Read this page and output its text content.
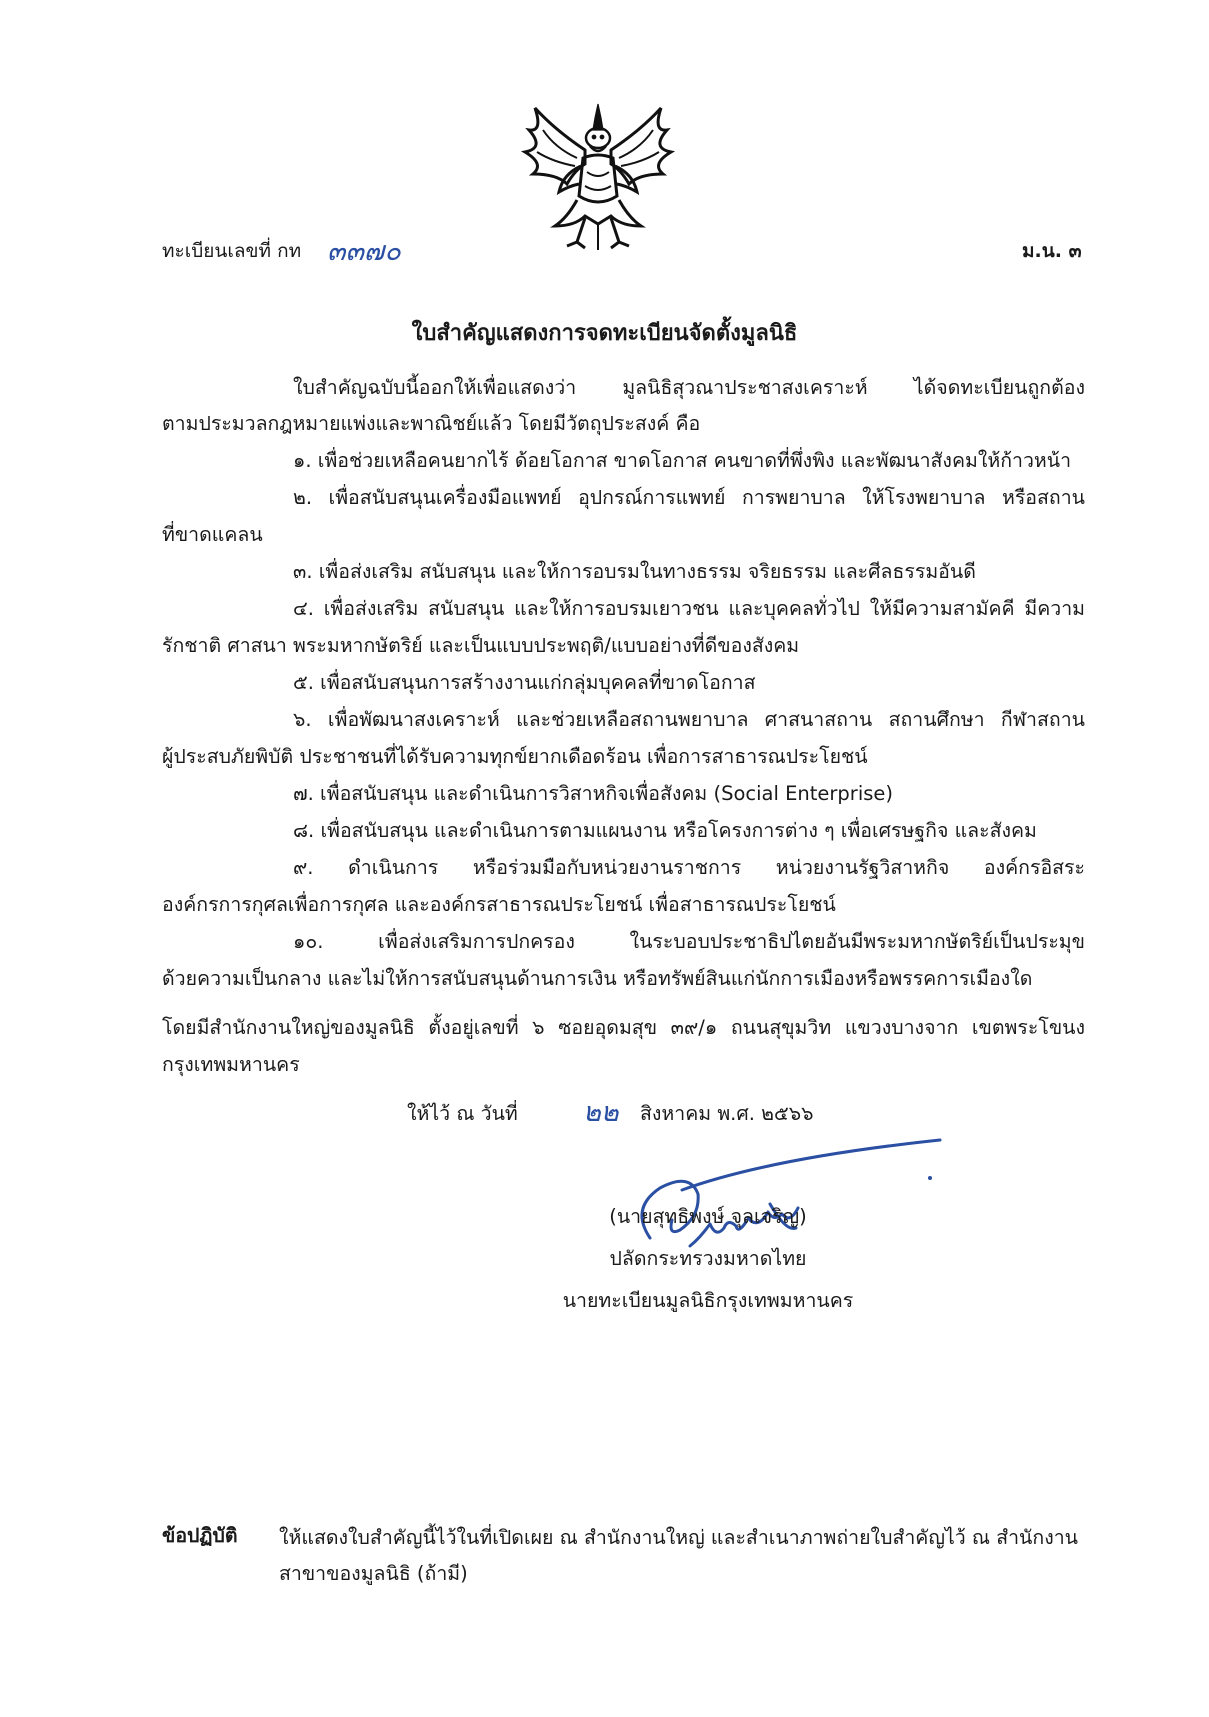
ทะเบียนเลขที่ กท ๓๓๗๐	ม.น. ๓
ใบสำคัญแสดงการจดทะเบียนจัดตั้งมูลนิธิ
ใบสำคัญฉบับนี้ออกให้เพื่อแสดงว่า มูลนิธิสุวณาประชาสงเคราะห์ ได้จดทะเบียนถูกต้อง
ตามประมวลกฎหมายแพ่งและพาณิชย์แล้ว โดยมีวัตถุประสงค์ คือ
๑. เพื่อช่วยเหลือคนยากไร้ ด้อยโอกาส ขาดโอกาส คนขาดที่พึ่งพิง และพัฒนาสังคมให้ก้าวหน้า
๒. เพื่อสนับสนุนเครื่องมือแพทย์ อุปกรณ์การแพทย์ การพยาบาล ให้โรงพยาบาล หรือสถาน
ที่ขาดแคลน
๓. เพื่อส่งเสริม สนับสนุน และให้การอบรมในทางธรรม จริยธรรม และศีลธรรมอันดี
๔. เพื่อส่งเสริม สนับสนุน และให้การอบรมเยาวชน และบุคคลทั่วไป ให้มีความสามัคคี มีความ
รักชาติ ศาสนา พระมหากษัตริย์ และเป็นแบบประพฤติ/แบบอย่างที่ดีของสังคม
๕. เพื่อสนับสนุนการสร้างงานแก่กลุ่มบุคคลที่ขาดโอกาส
๖. เพื่อพัฒนาสงเคราะห์ และช่วยเหลือสถานพยาบาล ศาสนาสถาน สถานศึกษา กีฬาสถาน
ผู้ประสบภัยพิบัติ ประชาชนที่ได้รับความทุกข์ยากเดือดร้อน เพื่อการสาธารณประโยชน์
๗. เพื่อสนับสนุน และดำเนินการวิสาหกิจเพื่อสังคม (Social Enterprise)
๘. เพื่อสนับสนุน และดำเนินการตามแผนงาน หรือโครงการต่าง ๆ เพื่อเศรษฐกิจ และสังคม
๙. ดำเนินการ หรือร่วมมือกับหน่วยงานราชการ หน่วยงานรัฐวิสาหกิจ องค์กรอิสระ
องค์กรการกุศลเพื่อการกุศล และองค์กรสาธารณประโยชน์ เพื่อสาธารณประโยชน์
๑๐. เพื่อส่งเสริมการปกครอง ในระบอบประชาธิปไตยอันมีพระมหากษัตริย์เป็นประมุข
ด้วยความเป็นกลาง และไม่ให้การสนับสนุนด้านการเงิน หรือทรัพย์สินแก่นักการเมืองหรือพรรคการเมืองใด
โดยมีสำนักงานใหญ่ของมูลนิธิ ตั้งอยู่เลขที่ ๖ ซอยอุดมสุข ๓๙/๑ ถนนสุขุมวิท แขวงบางจาก เขตพระโขนง
กรุงเทพมหานคร
ให้ไว้ ณ วันที่ ๒๒ สิงหาคม พ.ศ. ๒๕๖๖
(นายสุทธิพงษ์ จุลเจริญ)
ปลัดกระทรวงมหาดไทย
นายทะเบียนมูลนิธิกรุงเทพมหานคร
ข้อปฏิบัติ ให้แสดงใบสำคัญนี้ไว้ในที่เปิดเผย ณ สำนักงานใหญ่ และสำเนาภาพถ่ายใบสำคัญไว้ ณ สำนักงานสาขาของมูลนิธิ (ถ้ามี)
